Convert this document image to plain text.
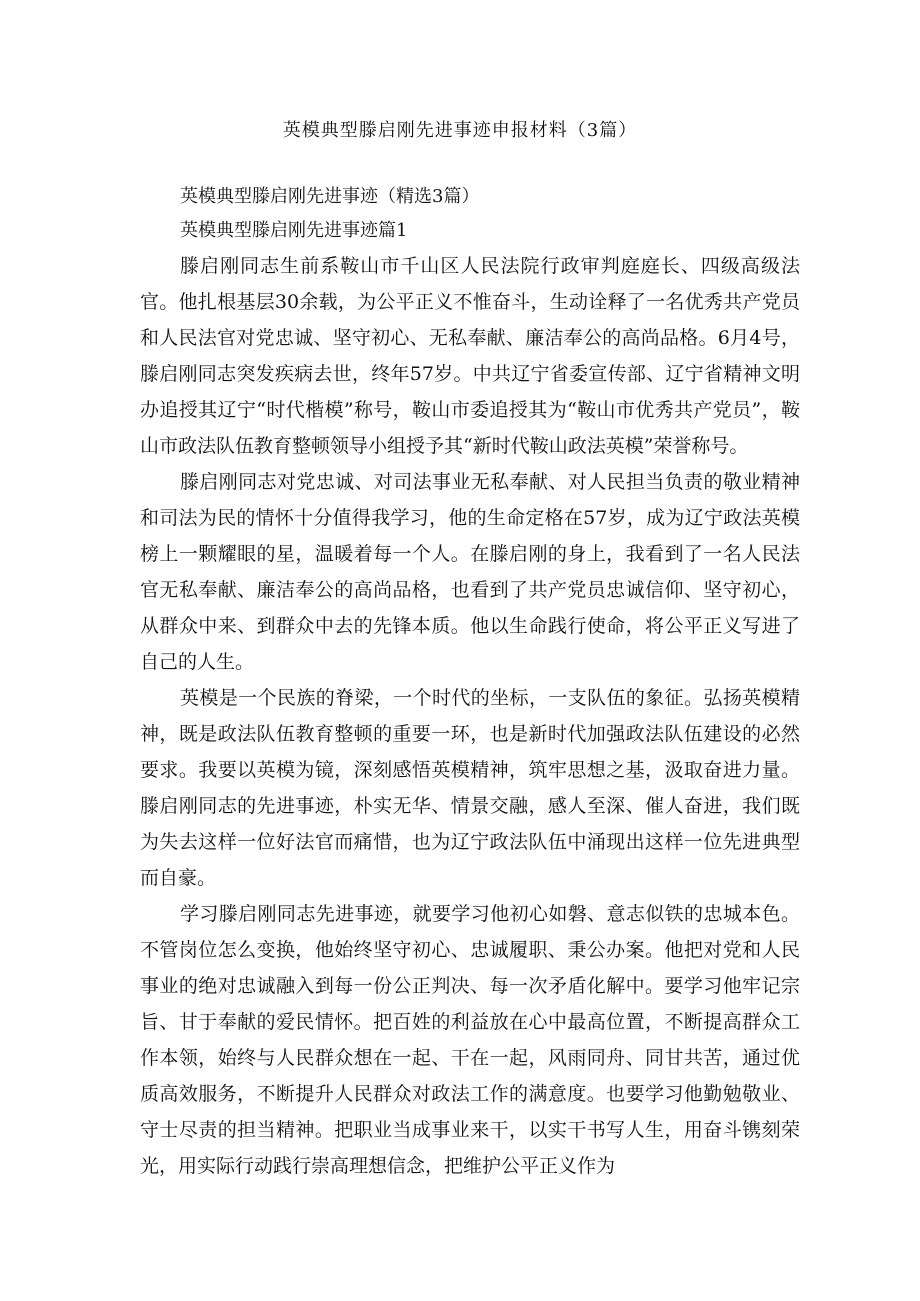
英模典型滕启刚先进事迹申报材料（3篇）

英模典型滕启刚先进事迹（精选3篇）

英模典型滕启刚先进事迹篇1

滕启刚同志生前系鞍山市千山区人民法院行政审判庭庭长、四级高级法官。他扎根基层30余载，为公平正义不惟奋斗，生动诠释了一名优秀共产党员和人民法官对党忠诚、坚守初心、无私奉献、廉洁奉公的高尚品格。6月4号，滕启刚同志突发疾病去世，终年57岁。中共辽宁省委宣传部、辽宁省精神文明办追授其辽宁“时代楷模”称号，鞍山市委追授其为“鞍山市优秀共产党员”，鞍山市政法队伍教育整顿领导小组授予其“新时代鞍山政法英模”荣誉称号。

滕启刚同志对党忠诚、对司法事业无私奉献、对人民担当负责的敬业精神和司法为民的情怀十分值得我学习，他的生命定格在57岁，成为辽宁政法英模榜上一颗耀眼的星，温暖着每一个人。在滕启刚的身上，我看到了一名人民法官无私奉献、廉洁奉公的高尚品格，也看到了共产党员忠诚信仰、坚守初心，从群众中来、到群众中去的先锋本质。他以生命践行使命，将公平正义写进了自己的人生。

英模是一个民族的脊梁，一个时代的坐标，一支队伍的象征。弘扬英模精神，既是政法队伍教育整顿的重要一环，也是新时代加强政法队伍建设的必然要求。我要以英模为镜，深刻感悟英模精神，筑牢思想之基，汲取奋进力量。滕启刚同志的先进事迹，朴实无华、情景交融，感人至深、催人奋进，我们既为失去这样一位好法官而痛惜，也为辽宁政法队伍中涌现出这样一位先进典型而自豪。

学习滕启刚同志先进事迹，就要学习他初心如磐、意志似铁的忠城本色。不管岗位怎么变换，他始终坚守初心、忠诚履职、秉公办案。他把对党和人民事业的绝对忠诚融入到每一份公正判决、每一次矛盾化解中。要学习他牢记宗旨、甘于奉献的爱民情怀。把百姓的利益放在心中最高位置，不断提高群众工作本领，始终与人民群众想在一起、干在一起，风雨同舟、同甘共苦，通过优质高效服务，不断提升人民群众对政法工作的满意度。也要学习他勤勉敬业、守士尽责的担当精神。把职业当成事业来干，以实干书写人生，用奋斗镌刻荣光，用实际行动践行崇高理想信念，把维护公平正义作为
